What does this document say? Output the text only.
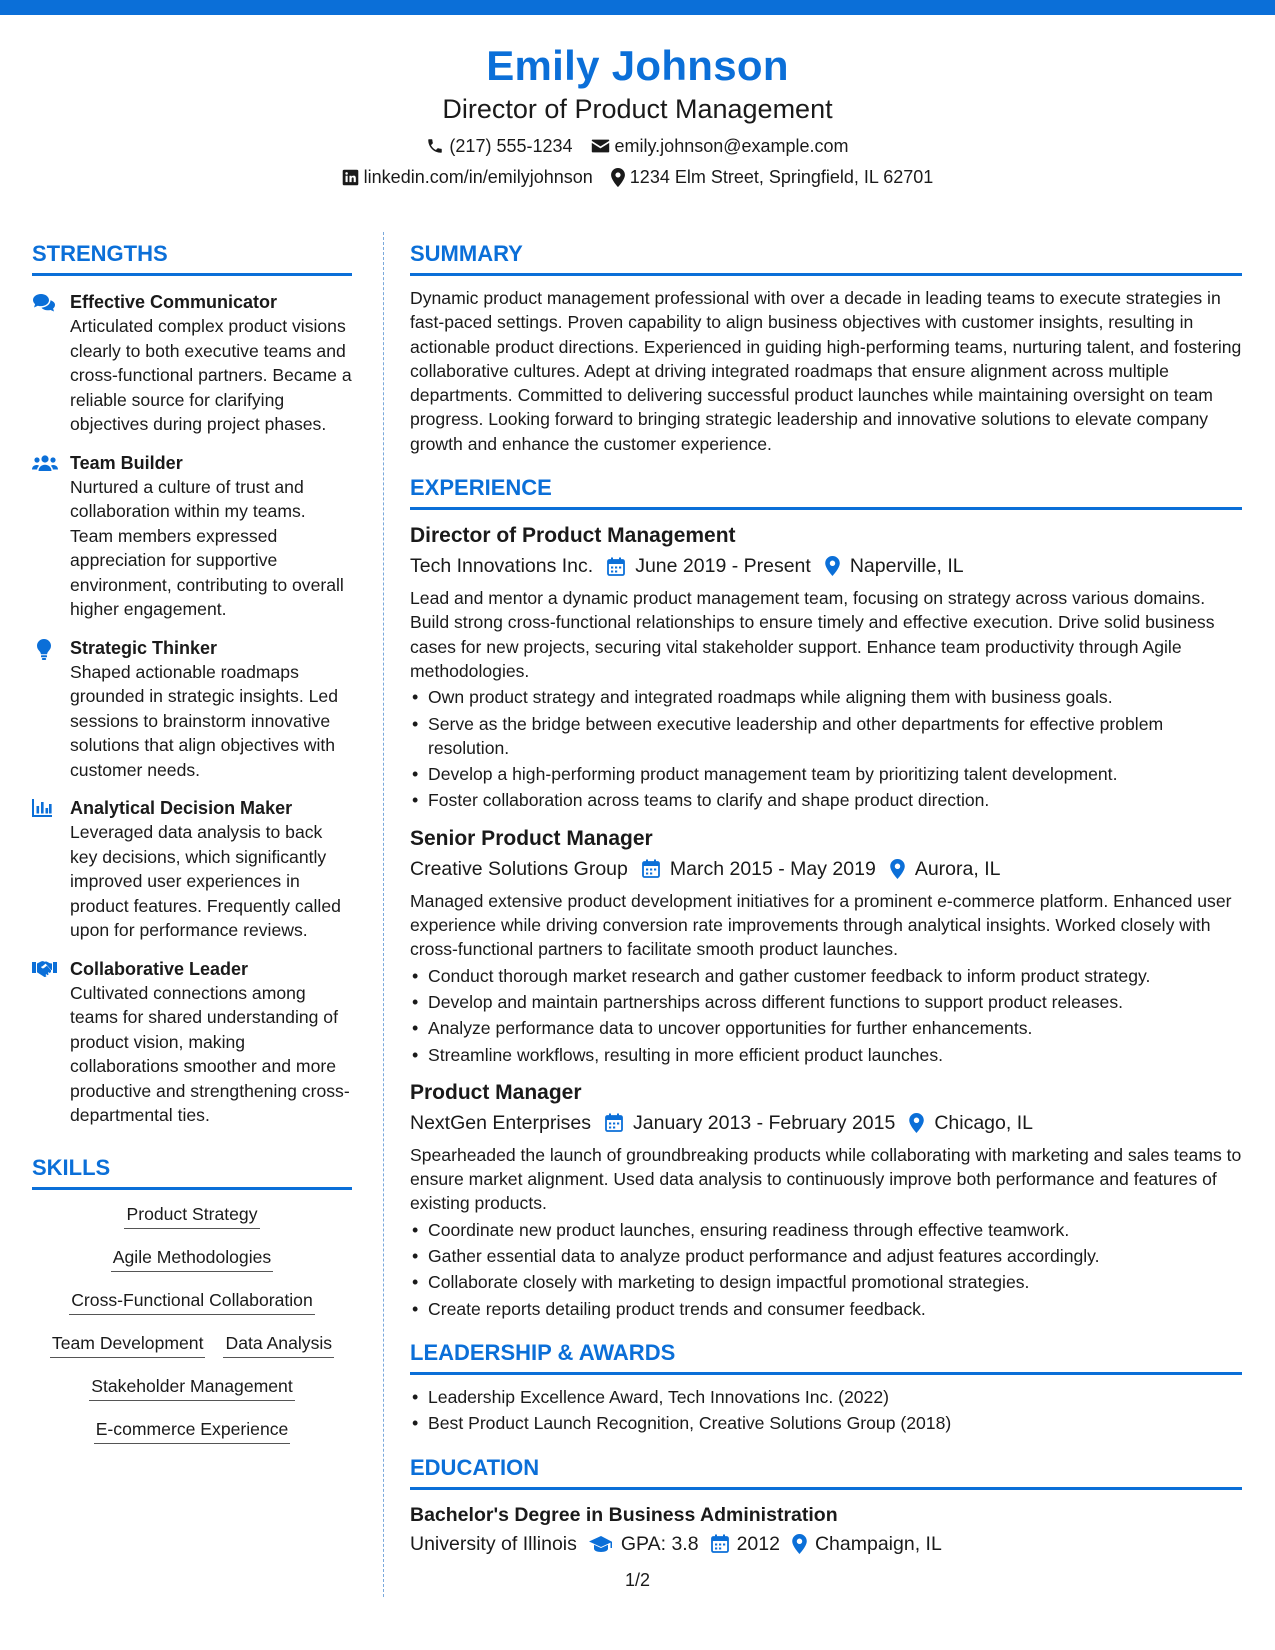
Emily Johnson
Director of Product Management
(217) 555-1234 emily.johnson@example.com
linkedin.com/in/emilyjohnson 1234 Elm Street, Springfield, IL 62701
STRENGTHS
Effective Communicator
Articulated complex product visions clearly to both executive teams and cross-functional partners. Became a reliable source for clarifying objectives during project phases.
Team Builder
Nurtured a culture of trust and collaboration within my teams. Team members expressed appreciation for supportive environment, contributing to overall higher engagement.
Strategic Thinker
Shaped actionable roadmaps grounded in strategic insights. Led sessions to brainstorm innovative solutions that align objectives with customer needs.
Analytical Decision Maker
Leveraged data analysis to back key decisions, which significantly improved user experiences in product features. Frequently called upon for performance reviews.
Collaborative Leader
Cultivated connections among teams for shared understanding of product vision, making collaborations smoother and more productive and strengthening cross-departmental ties.
SKILLS
Product Strategy
Agile Methodologies
Cross-Functional Collaboration
Team Development Data Analysis
Stakeholder Management
E-commerce Experience
SUMMARY
Dynamic product management professional with over a decade in leading teams to execute strategies in fast-paced settings. Proven capability to align business objectives with customer insights, resulting in actionable product directions. Experienced in guiding high-performing teams, nurturing talent, and fostering collaborative cultures. Adept at driving integrated roadmaps that ensure alignment across multiple departments. Committed to delivering successful product launches while maintaining oversight on team progress. Looking forward to bringing strategic leadership and innovative solutions to elevate company growth and enhance the customer experience.
EXPERIENCE
Director of Product Management
Tech Innovations Inc. June 2019 - Present Naperville, IL
Lead and mentor a dynamic product management team, focusing on strategy across various domains. Build strong cross-functional relationships to ensure timely and effective execution. Drive solid business cases for new projects, securing vital stakeholder support. Enhance team productivity through Agile methodologies.
• Own product strategy and integrated roadmaps while aligning them with business goals.
• Serve as the bridge between executive leadership and other departments for effective problem resolution.
• Develop a high-performing product management team by prioritizing talent development.
• Foster collaboration across teams to clarify and shape product direction.
Senior Product Manager
Creative Solutions Group March 2015 - May 2019 Aurora, IL
Managed extensive product development initiatives for a prominent e-commerce platform. Enhanced user experience while driving conversion rate improvements through analytical insights. Worked closely with cross-functional partners to facilitate smooth product launches.
• Conduct thorough market research and gather customer feedback to inform product strategy.
• Develop and maintain partnerships across different functions to support product releases.
• Analyze performance data to uncover opportunities for further enhancements.
• Streamline workflows, resulting in more efficient product launches.
Product Manager
NextGen Enterprises January 2013 - February 2015 Chicago, IL
Spearheaded the launch of groundbreaking products while collaborating with marketing and sales teams to ensure market alignment. Used data analysis to continuously improve both performance and features of existing products.
• Coordinate new product launches, ensuring readiness through effective teamwork.
• Gather essential data to analyze product performance and adjust features accordingly.
• Collaborate closely with marketing to design impactful promotional strategies.
• Create reports detailing product trends and consumer feedback.
LEADERSHIP & AWARDS
• Leadership Excellence Award, Tech Innovations Inc. (2022)
• Best Product Launch Recognition, Creative Solutions Group (2018)
EDUCATION
Bachelor's Degree in Business Administration
University of Illinois GPA: 3.8 2012 Champaign, IL
1/2
